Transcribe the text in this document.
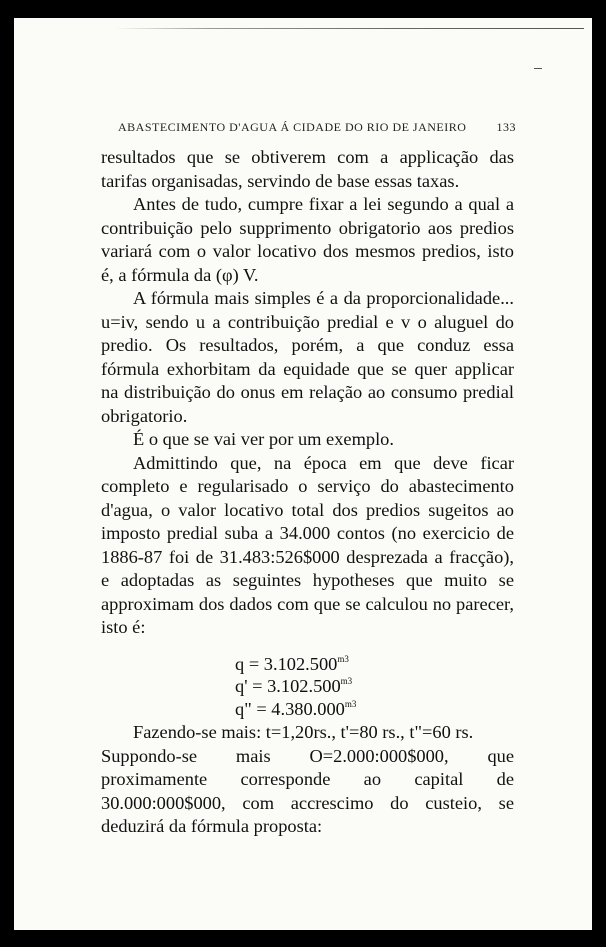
ABASTECIMENTO D'AGUA Á CIDADE DO RIO DE JANEIRO	133

resultados que se obtiverem com a applicação das tarifas organisadas, servindo de base essas taxas.

Antes de tudo, cumpre fixar a lei segundo a qual a contribuição pelo supprimento obrigatorio aos predios variará com o valor locativo dos mesmos predios, isto é, a fórmula da (φ) V.

A fórmula mais simples é a da proporcionalidade... u=iv, sendo u a contribuição predial e v o aluguel do predio. Os resultados, porém, a que conduz essa fórmula exhorbitam da equidade que se quer applicar na distribuição do onus em relação ao consumo predial obrigatorio.

É o que se vai ver por um exemplo.

Admittindo que, na época em que deve ficar completo e regularisado o serviço do abastecimento d'agua, o valor locativo total dos predios sugeitos ao imposto predial suba a 34.000 contos (no exercicio de 1886-87 foi de 31.483:526$000 desprezada a fracção), e adoptadas as seguintes hypotheses que muito se approximam dos dados com que se calculou no parecer, isto é:

$q = 3.102.500^{m3}$
$q' = 3.102.500^{m3}$
q" = $4.380.000^{m3}$

Fazendo-se mais: t=1,20rs., t'=80 rs., t"=60 rs.

Suppondo-se mais O=2.000:000$000, que proximamente corresponde ao capital de 30.000:000$000, com accrescimo do custeio, se deduzirá da fórmula proposta:
